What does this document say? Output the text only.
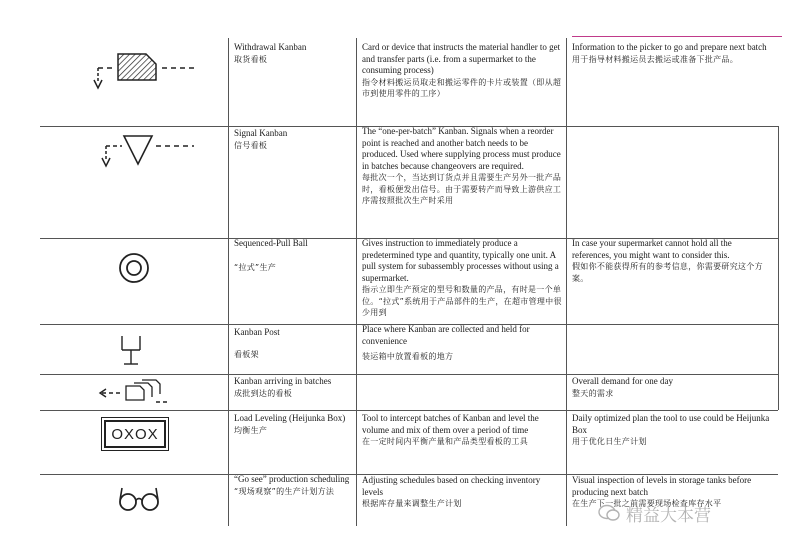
Withdrawal Kanban

取货看板

Card or device that instructs the material handler to get and transfer parts (i.e. from a supermarket to the consuming process)

指令材料搬运员取走和搬运零件的卡片或装置（即从超市到使用零件的工序）

Information to the picker to go and prepare next batch

用于指导材料搬运员去搬运或准备下批产品。

Signal Kanban

信号看板

The “one-per-batch” Kanban. Signals when a reorder point is reached and another batch needs to be produced. Used where supplying process must produce in batches because changeovers are required.

每批次一个，当达到订货点并且需要生产另外一批产品时，看板便发出信号。由于需要转产而导致上游供应工序需按照批次生产时采用

Sequenced-Pull Ball

“拉式”生产

Gives instruction to immediately produce a predetermined type and quantity, typically one unit. A pull system for subassembly processes without using a supermarket.

指示立即生产预定的型号和数量的产品，有时是一个单位。“拉式”系统用于产品部件的生产，在超市管理中很少用到

In case your supermarket cannot hold all the references, you might want to consider this.

假如你不能获得所有的参考信息，你需要研究这个方案。

Kanban Post

看板架

Place where Kanban are collected and held for convenience

装运箱中放置看板的地方

Kanban arriving in batches

成批到达的看板

Overall demand for one day

整天的需求

OXOX

Load Leveling (Heijunka Box)

均衡生产

Tool to intercept batches of Kanban and level the volume and mix of them over a period of time

在一定时间内平衡产量和产品类型看板的工具

Daily optimized plan the tool to use could be Heijunka Box

用于优化日生产计划

“Go see” production scheduling

“现场观察”的生产计划方法

Adjusting schedules based on checking inventory levels

根据库存量来调整生产计划

Visual inspection of levels in storage tanks before producing next batch

在生产下一批之前需要现场检查库存水平

精益大本营
